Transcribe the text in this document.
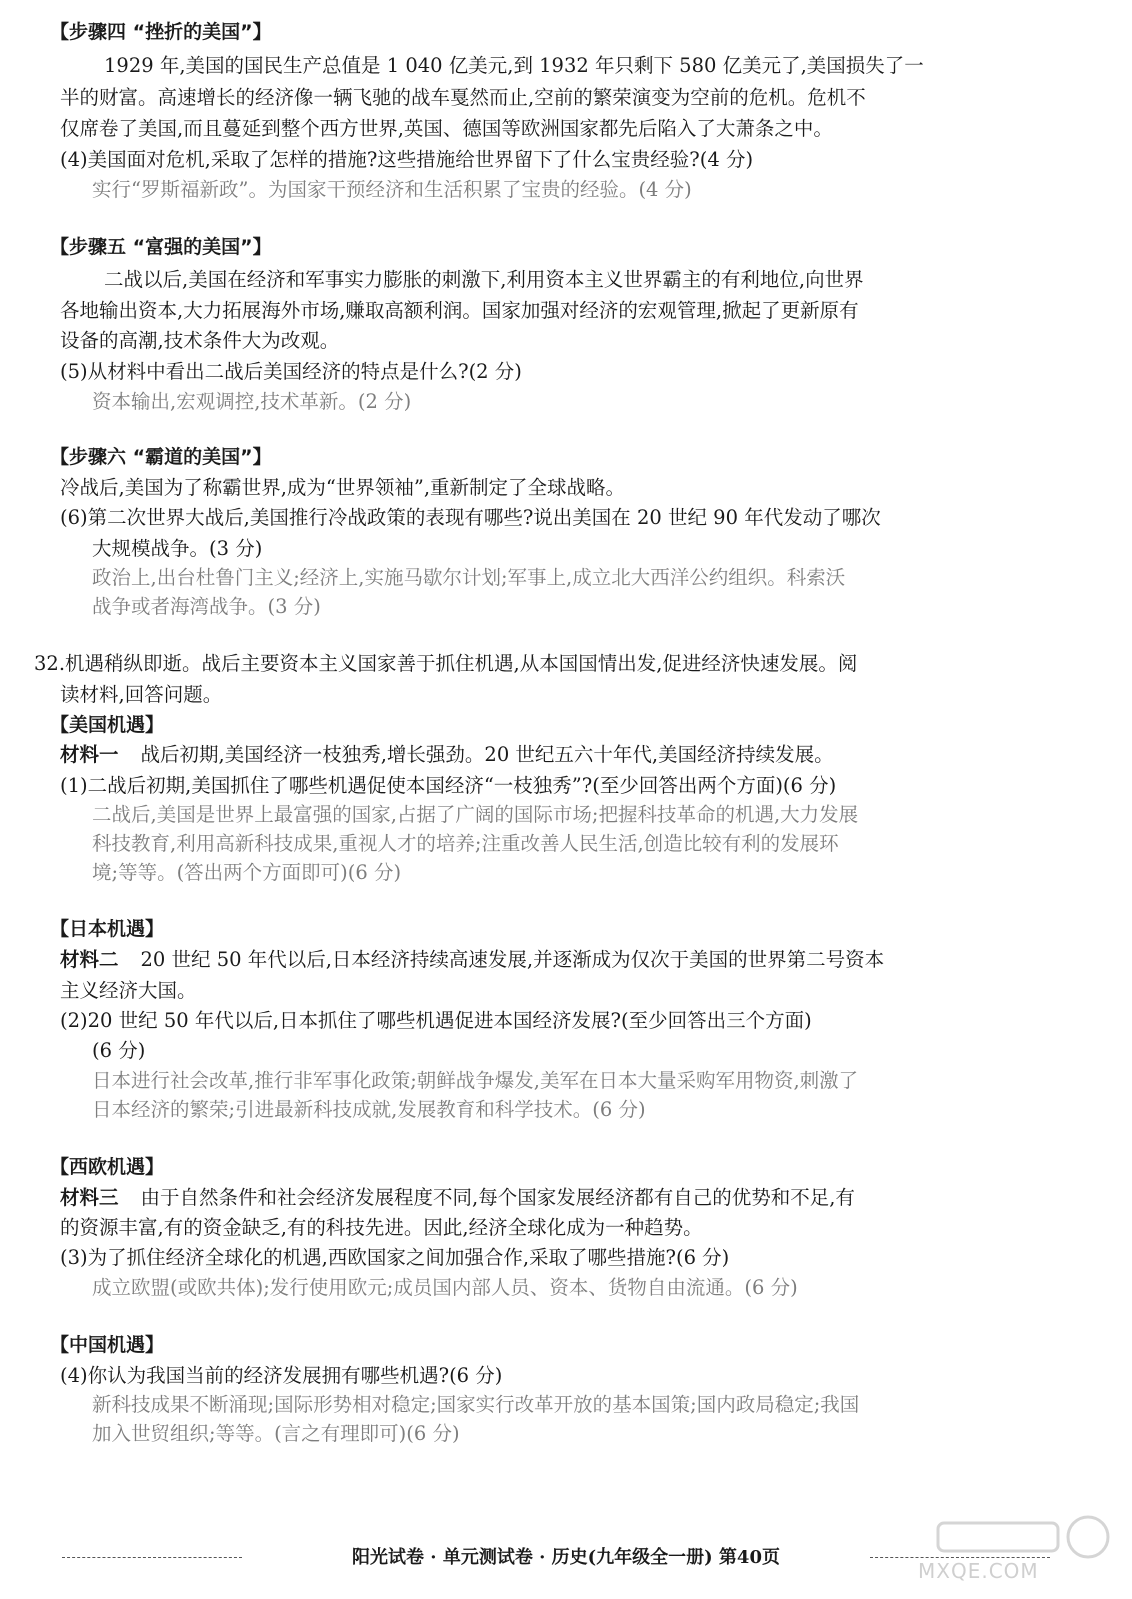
【步骤四 “挫折的美国”】
1929 年,美国的国民生产总值是 1 040 亿美元,到 1932 年只剩下 580 亿美元了,美国损失了一
半的财富。高速增长的经济像一辆飞驰的战车戛然而止,空前的繁荣演变为空前的危机。危机不
仅席卷了美国,而且蔓延到整个西方世界,英国、德国等欧洲国家都先后陷入了大萧条之中。
(4)美国面对危机,采取了怎样的措施?这些措施给世界留下了什么宝贵经验?(4 分)
实行“罗斯福新政”。为国家干预经济和生活积累了宝贵的经验。(4 分)
【步骤五 “富强的美国”】
二战以后,美国在经济和军事实力膨胀的刺激下,利用资本主义世界霸主的有利地位,向世界
各地输出资本,大力拓展海外市场,赚取高额利润。国家加强对经济的宏观管理,掀起了更新原有
设备的高潮,技术条件大为改观。
(5)从材料中看出二战后美国经济的特点是什么?(2 分)
资本输出,宏观调控,技术革新。(2 分)
【步骤六 “霸道的美国”】
冷战后,美国为了称霸世界,成为“世界领袖”,重新制定了全球战略。
(6)第二次世界大战后,美国推行冷战政策的表现有哪些?说出美国在 20 世纪 90 年代发动了哪次
大规模战争。(3 分)
政治上,出台杜鲁门主义;经济上,实施马歇尔计划;军事上,成立北大西洋公约组织。科索沃
战争或者海湾战争。(3 分)
32.机遇稍纵即逝。战后主要资本主义国家善于抓住机遇,从本国国情出发,促进经济快速发展。阅
读材料,回答问题。
【美国机遇】
材料一 战后初期,美国经济一枝独秀,增长强劲。20 世纪五六十年代,美国经济持续发展。
(1)二战后初期,美国抓住了哪些机遇促使本国经济“一枝独秀”?(至少回答出两个方面)(6 分)
二战后,美国是世界上最富强的国家,占据了广阔的国际市场;把握科技革命的机遇,大力发展
科技教育,利用高新科技成果,重视人才的培养;注重改善人民生活,创造比较有利的发展环
境;等等。(答出两个方面即可)(6 分)
【日本机遇】
材料二 20 世纪 50 年代以后,日本经济持续高速发展,并逐渐成为仅次于美国的世界第二号资本
主义经济大国。
(2)20 世纪 50 年代以后,日本抓住了哪些机遇促进本国经济发展?(至少回答出三个方面)
(6 分)
日本进行社会改革,推行非军事化政策;朝鲜战争爆发,美军在日本大量采购军用物资,刺激了
日本经济的繁荣;引进最新科技成就,发展教育和科学技术。(6 分)
【西欧机遇】
材料三 由于自然条件和社会经济发展程度不同,每个国家发展经济都有自己的优势和不足,有
的资源丰富,有的资金缺乏,有的科技先进。因此,经济全球化成为一种趋势。
(3)为了抓住经济全球化的机遇,西欧国家之间加强合作,采取了哪些措施?(6 分)
成立欧盟(或欧共体);发行使用欧元;成员国内部人员、资本、货物自由流通。(6 分)
【中国机遇】
(4)你认为我国当前的经济发展拥有哪些机遇?(6 分)
新科技成果不断涌现;国际形势相对稳定;国家实行改革开放的基本国策;国内政局稳定;我国
加入世贸组织;等等。(言之有理即可)(6 分)
阳光试卷 · 单元测试卷 · 历史(九年级全一册) 第40页
MXQE.COM
